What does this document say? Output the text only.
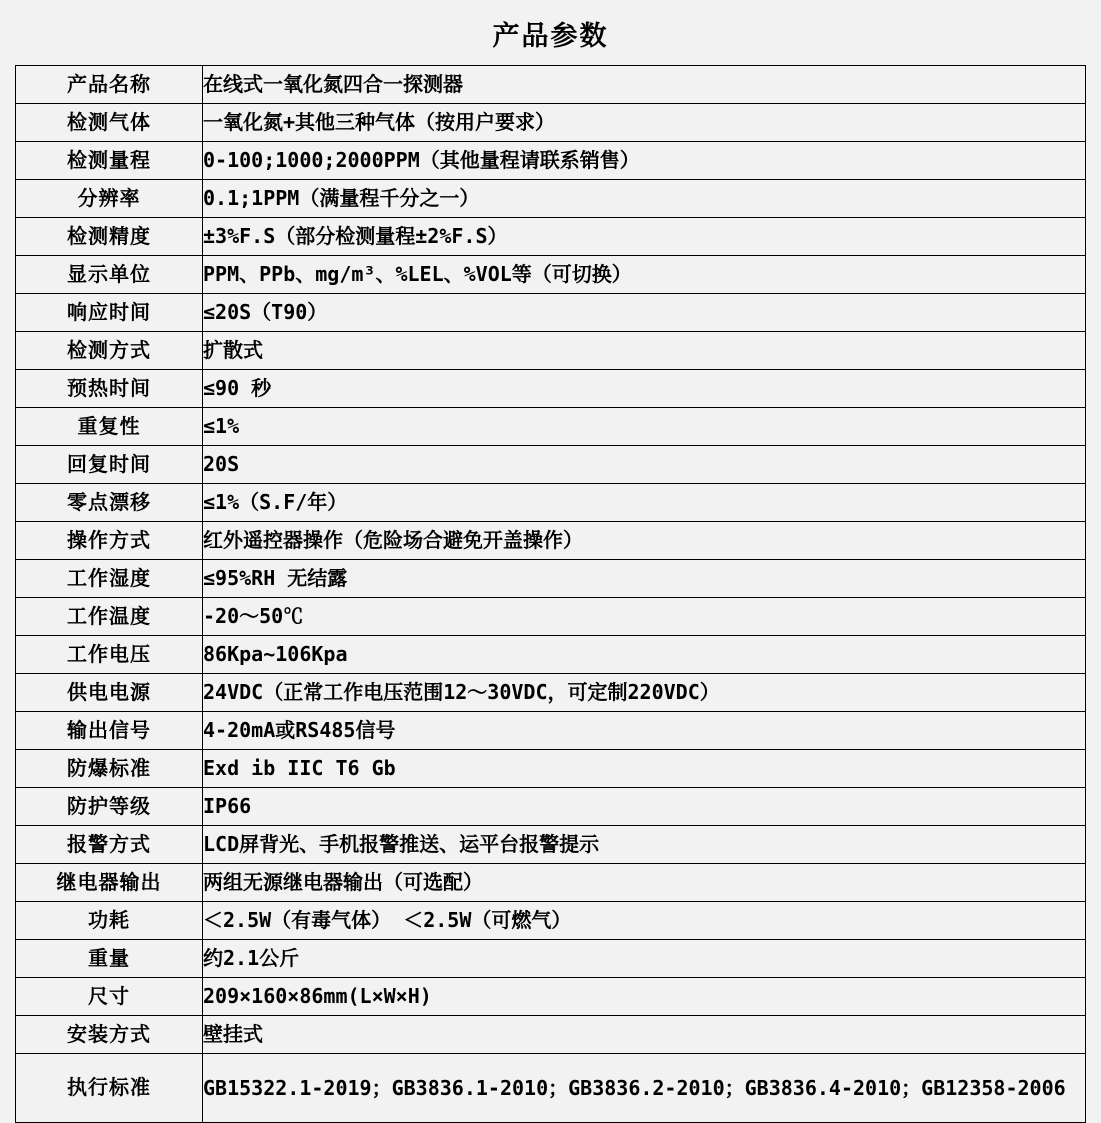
产品参数
产品名称	在线式一氧化氮四合一探测器
检测气体	一氧化氮+其他三种气体（按用户要求）
检测量程	0-100;1000;2000PPM（其他量程请联系销售）
分辨率	0.1;1PPM（满量程千分之一）
检测精度	±3%F.S（部分检测量程±2%F.S）
显示单位	PPM、PPb、mg/m³、%LEL、%VOL等（可切换）
响应时间	≤20S（T90）
检测方式	扩散式
预热时间	≤90 秒
重复性	≤1%
回复时间	20S
零点漂移	≤1%（S.F/年）
操作方式	红外遥控器操作（危险场合避免开盖操作）
工作湿度	≤95%RH 无结露
工作温度	-20～50℃
工作电压	86Kpa~106Kpa
供电电源	24VDC（正常工作电压范围12～30VDC，可定制220VDC）
输出信号	4-20mA或RS485信号
防爆标准	Exd ib IIC T6 Gb
防护等级	IP66
报警方式	LCD屏背光、手机报警推送、运平台报警提示
继电器输出	两组无源继电器输出（可选配）
功耗	＜2.5W（有毒气体） ＜2.5W（可燃气）
重量	约2.1公斤
尺寸	209×160×86mm(L×W×H)
安装方式	壁挂式
执行标准	GB15322.1-2019；GB3836.1-2010；GB3836.2-2010；GB3836.4-2010；GB12358-2006
